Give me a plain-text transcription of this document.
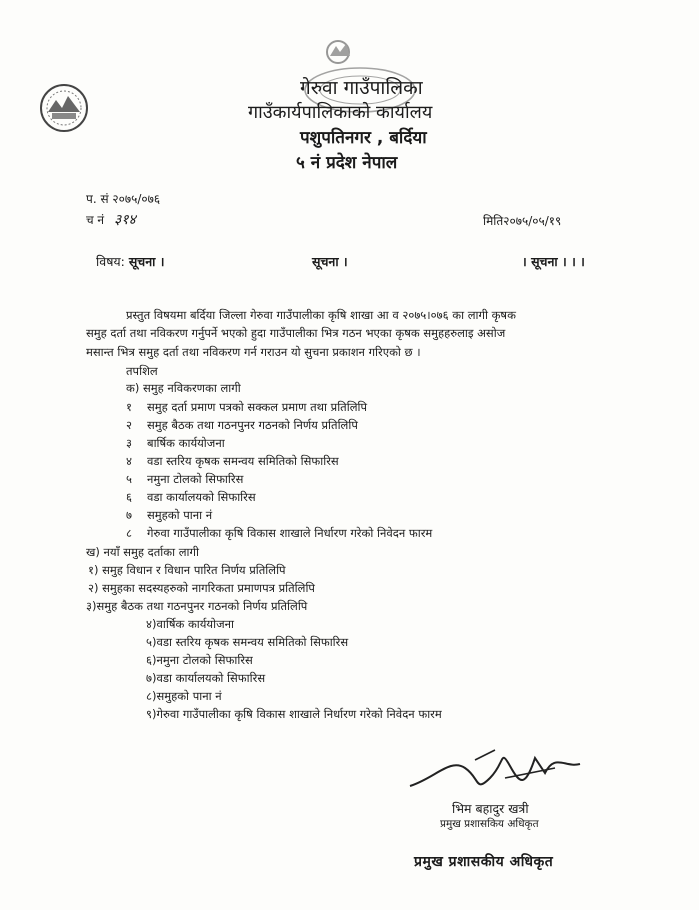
गेरुवा गाउँपालिका
गाउँकार्यपालिकाको कार्यालय
पशुपतिनगर , बर्दिया
५ नं प्रदेश नेपाल
प. सं २०७५/०७६
च नं ३१४	मिति२०७५/०५/१९
विषय: सूचना ।	सूचना ।	। सूचना । । ।
प्रस्तुत विषयमा बर्दिया जिल्ला गेरुवा गाउँपालीका कृषि शाखा आ व २०७५।०७६ का लागी कृषक
समुह दर्ता तथा नविकरण गर्नुपर्ने भएको हुदा गाउँपालीका भित्र गठन भएका कृषक समुहहरुलाइ असोज
मसान्त भित्र समुह दर्ता तथा नविकरण गर्न गराउन यो सुचना प्रकाशन गरिएको छ ।
तपशिल
क) समुह नविकरणका लागी
१ समुह दर्ता प्रमाण पत्रको सक्कल प्रमाण तथा प्रतिलिपि
२ समुह बैठक तथा गठनपुनर गठनको निर्णय प्रतिलिपि
३ बार्षिक कार्ययोजना
४ वडा स्तरिय कृषक समन्वय समितिको सिफारिस
५ नमुना टोलको सिफारिस
६ वडा कार्यालयको सिफारिस
७ समुहको पाना नं
८ गेरुवा गाउँपालीका कृषि विकास शाखाले निर्धारण गरेको निवेदन फारम
ख) नयाँ समुह दर्ताका लागी
१) समुह विधान र विधान पारित निर्णय प्रतिलिपि
२) समुहका सदस्यहरुको नागरिकता प्रमाणपत्र प्रतिलिपि
३)समुह बैठक तथा गठनपुनर गठनको निर्णय प्रतिलिपि
४)वार्षिक कार्ययोजना
५)वडा स्तरिय कृषक समन्वय समितिको सिफारिस
६)नमुना टोलको सिफारिस
७)वडा कार्यालयको सिफारिस
८)समुहको पाना नं
९)गेरुवा गाउँपालीका कृषि विकास शाखाले निर्धारण गरेको निवेदन फारम
भिम बहादुर खत्री
प्रमुख प्रशासकिय अधिकृत
प्रमुख प्रशासकीय अधिकृत
